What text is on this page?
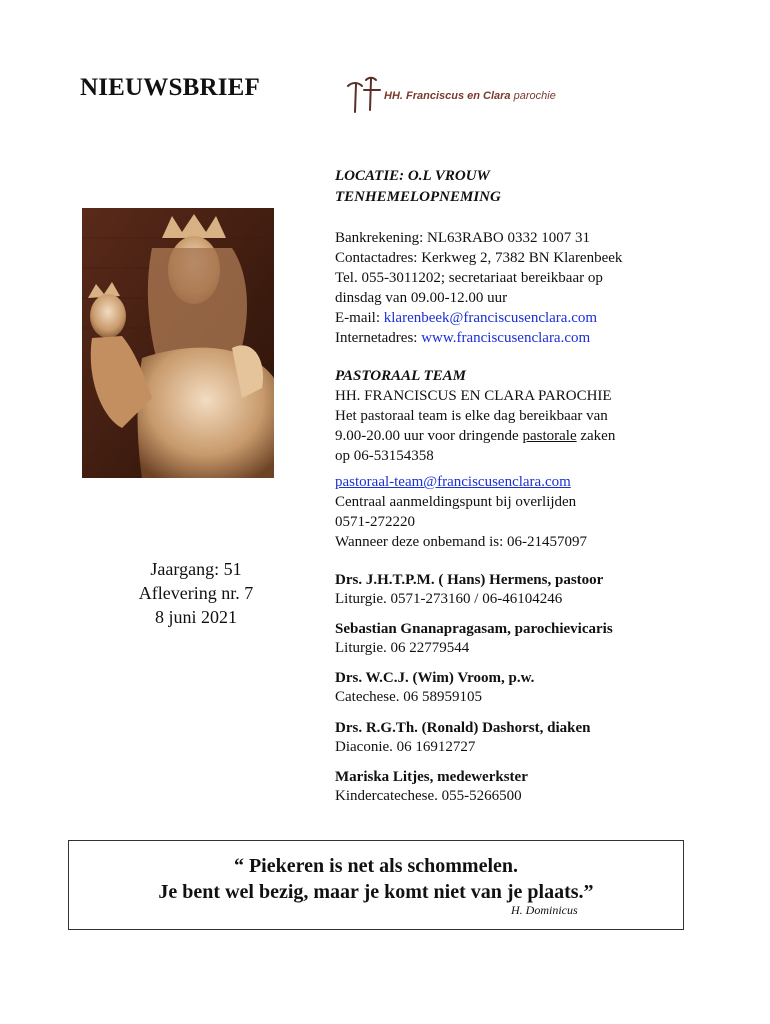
NIEUWSBRIEF	HH. Franciscus en Clara parochie
LOCATIE: O.L VROUW
TENHEMELOPNEMING
Bankrekening: NL63RABO 0332 1007 31
Contactadres: Kerkweg 2, 7382 BN Klarenbeek
Tel. 055-3011202; secretariaat bereikbaar op
dinsdag van 09.00-12.00 uur
E-mail: klarenbeek@franciscusenclara.com
Internetadres: www.franciscusenclara.com
PASTORAAL TEAM
HH. FRANCISCUS EN CLARA PAROCHIE
Het pastoraal team is elke dag bereikbaar van
9.00-20.00 uur voor dringende pastorale zaken
op 06-53154358
pastoraal-team@franciscusenclara.com
Centraal aanmeldingspunt bij overlijden
0571-272220
Wanneer deze onbemand is: 06-21457097
Jaargang: 51
Aflevering nr. 7
8 juni 2021
Drs. J.H.T.P.M. ( Hans) Hermens, pastoor
Liturgie. 0571-273160 / 06-46104246
Sebastian Gnanapragasam, parochievicaris
Liturgie. 06 22779544
Drs. W.C.J. (Wim) Vroom, p.w.
Catechese. 06 58959105
Drs. R.G.Th. (Ronald) Dashorst, diaken
Diaconie. 06 16912727
Mariska Litjes, medewerkster
Kindercatechese. 055-5266500
“ Piekeren is net als schommelen.
Je bent wel bezig, maar je komt niet van je plaats.”
H. Dominicus
